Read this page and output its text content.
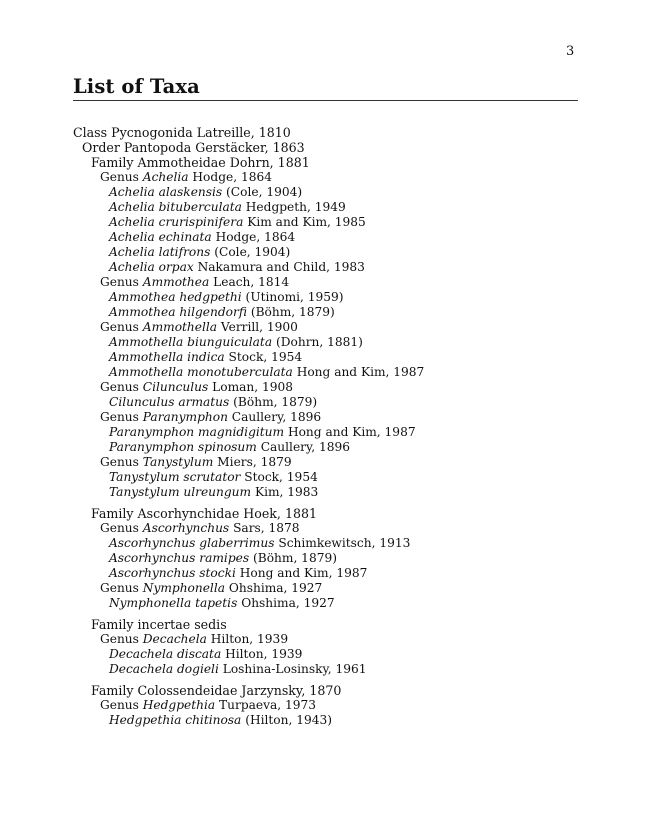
3
List of Taxa
Class Pycnogonida Latreille, 1810
Order Pantopoda Gerstäcker, 1863
Family Ammotheidae Dohrn, 1881
Genus Achelia Hodge, 1864
Achelia alaskensis (Cole, 1904)
Achelia bituberculata Hedgpeth, 1949
Achelia crurispinifera Kim and Kim, 1985
Achelia echinata Hodge, 1864
Achelia latifrons (Cole, 1904)
Achelia orpax Nakamura and Child, 1983
Genus Ammothea Leach, 1814
Ammothea hedgpethi (Utinomi, 1959)
Ammothea hilgendorfi (Böhm, 1879)
Genus Ammothella Verrill, 1900
Ammothella biunguiculata (Dohrn, 1881)
Ammothella indica Stock, 1954
Ammothella monotuberculata Hong and Kim, 1987
Genus Cilunculus Loman, 1908
Cilunculus armatus (Böhm, 1879)
Genus Paranymphon Caullery, 1896
Paranymphon magnidigitum Hong and Kim, 1987
Paranymphon spinosum Caullery, 1896
Genus Tanystylum Miers, 1879
Tanystylum scrutator Stock, 1954
Tanystylum ulreungum Kim, 1983
Family Ascorhynchidae Hoek, 1881
Genus Ascorhynchus Sars, 1878
Ascorhynchus glaberrimus Schimkewitsch, 1913
Ascorhynchus ramipes (Böhm, 1879)
Ascorhynchus stocki Hong and Kim, 1987
Genus Nymphonella Ohshima, 1927
Nymphonella tapetis Ohshima, 1927
Family incertae sedis
Genus Decachela Hilton, 1939
Decachela discata Hilton, 1939
Decachela dogieli Loshina-Losinsky, 1961
Family Colossendeidae Jarzynsky, 1870
Genus Hedgpethia Turpaeva, 1973
Hedgpethia chitinosa (Hilton, 1943)
